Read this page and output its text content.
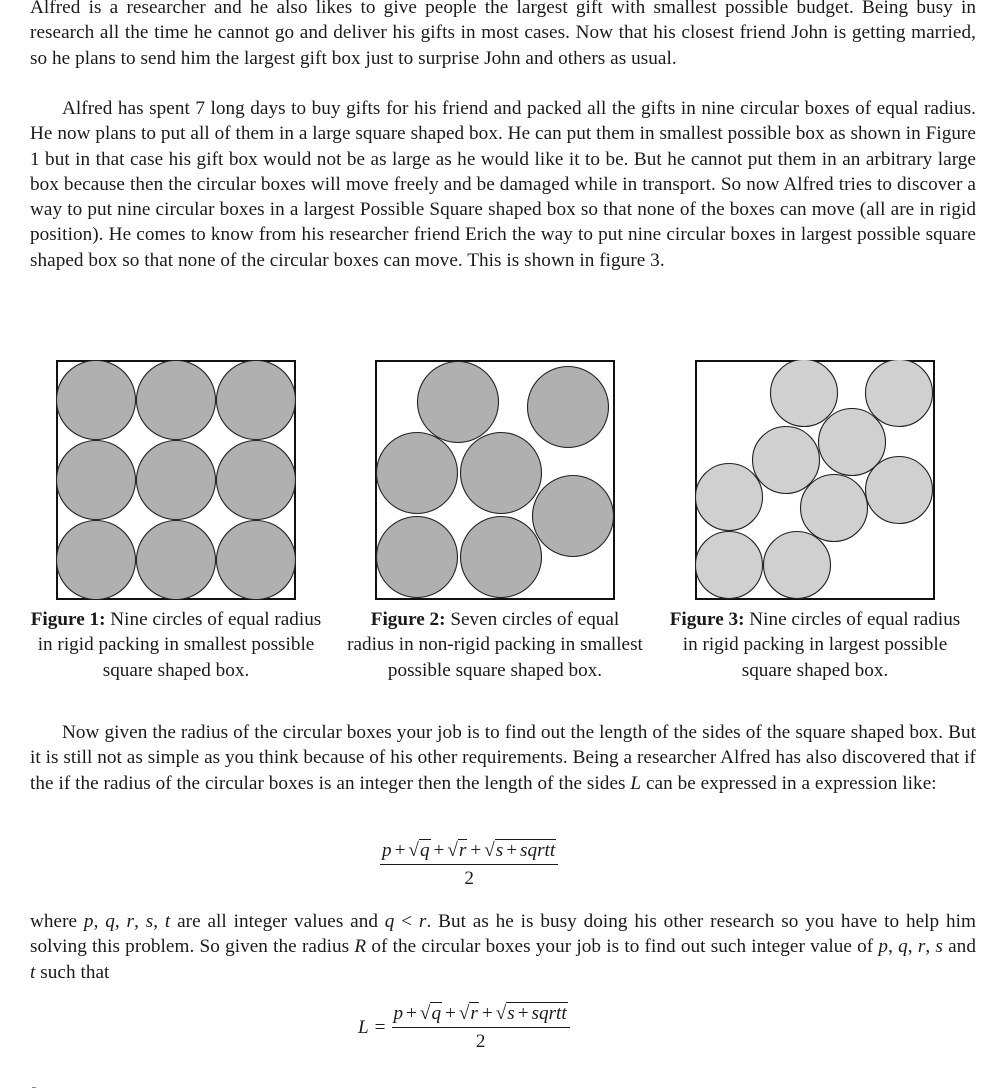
Alfred is a researcher and he also likes to give people the largest gift with smallest possible budget. Being busy in research all the time he cannot go and deliver his gifts in most cases. Now that his closest friend John is getting married, so he plans to send him the largest gift box just to surprise John and others as usual.

Alfred has spent 7 long days to buy gifts for his friend and packed all the gifts in nine circular boxes of equal radius. He now plans to put all of them in a large square shaped box. He can put them in smallest possible box as shown in Figure 1 but in that case his gift box would not be as large as he would like it to be. But he cannot put them in an arbitrary large box because then the circular boxes will move freely and be damaged while in transport. So now Alfred tries to discover a way to put nine circular boxes in a largest Possible Square shaped box so that none of the boxes can move (all are in rigid position). He comes to know from his researcher friend Erich the way to put nine circular boxes in largest possible square shaped box so that none of the circular boxes can move. This is shown in figure 3.

Figure 1: Nine circles of equal radius in rigid packing in smallest possible square shaped box.
Figure 2: Seven circles of equal radius in non-rigid packing in smallest possible square shaped box.
Figure 3: Nine circles of equal radius in rigid packing in largest possible square shaped box.

Now given the radius of the circular boxes your job is to find out the length of the sides of the square shaped box. But it is still not as simple as you think because of his other requirements. Being a researcher Alfred has also discovered that if the if the radius of the circular boxes is an integer then the length of the sides L can be expressed in a expression like:

$\frac{\text{p + √q + √r + √s + sqrtt}}{2}$

where p, q, r, s, t are all integer values and q < r. But as he is busy doing his other research so you have to help him solving this problem. So given the radius R of the circular boxes your job is to find out such integer value of p, q, r, s and t such that

$L = \frac{\text{p + √q + √r + √s + sqrtt}}{2}$
